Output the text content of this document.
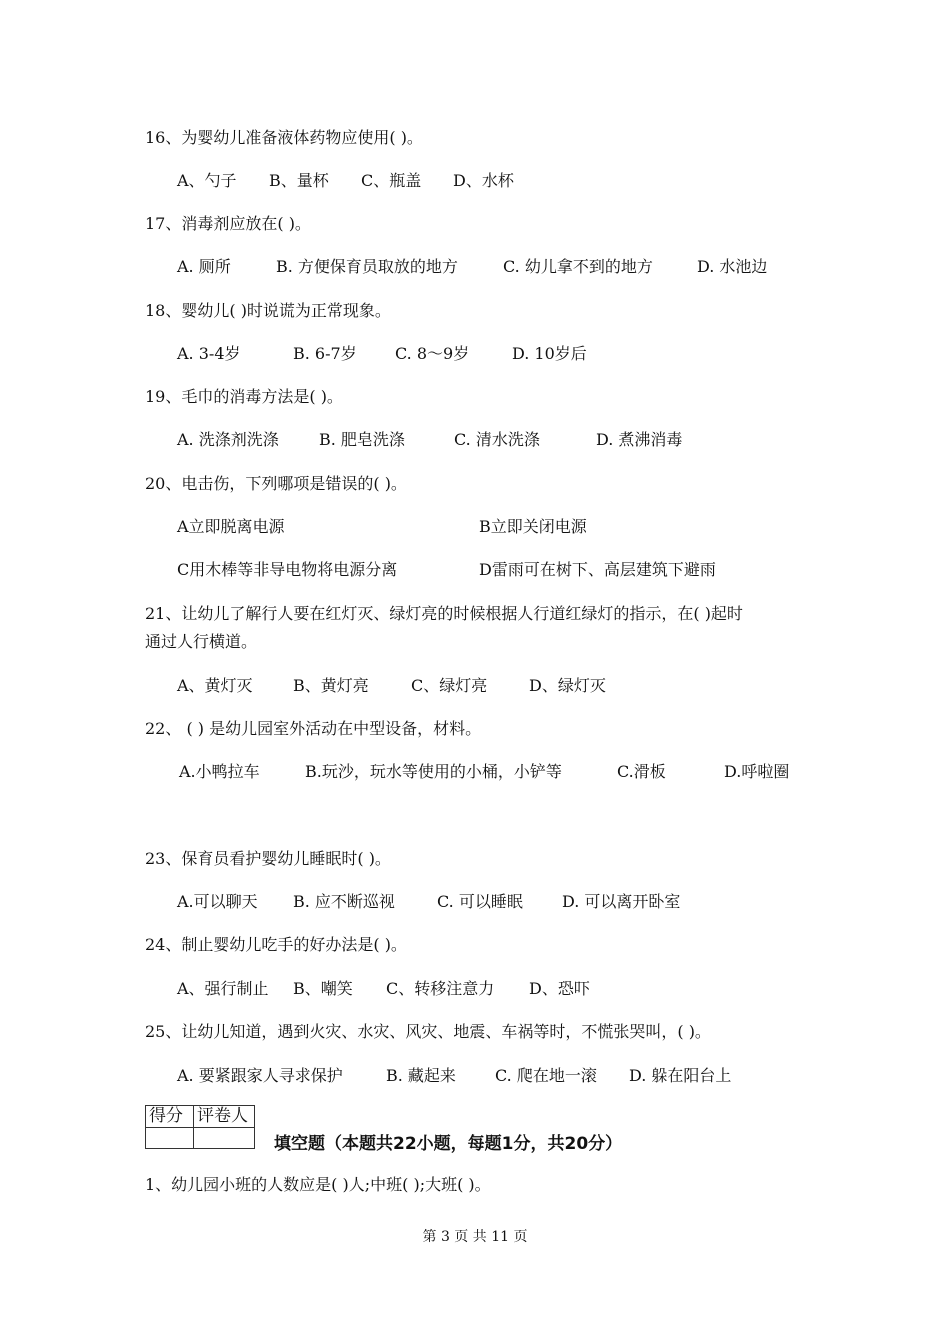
16、为婴幼儿准备液体药物应使用( )。
A、勺子 B、量杯 C、瓶盖 D、水杯
17、消毒剂应放在( )。
A. 厕所	B. 方便保育员取放的地方	C. 幼儿拿不到的地方	D. 水池边
18、婴幼儿( )时说谎为正常现象。
A. 3-4岁	B. 6-7岁 C. 8～9岁	D. 10岁后
19、毛巾的消毒方法是( )。
A. 洗涤剂洗涤	B. 肥皂洗涤	C. 清水洗涤	D. 煮沸消毒
20、电击伤，下列哪项是错误的( )。
A立即脱离电源	B立即关闭电源
C用木棒等非导电物将电源分离	D雷雨可在树下、高层建筑下避雨
21、让幼儿了解行人要在红灯灭、绿灯亮的时候根据人行道红绿灯的指示，在( )起时
通过人行横道。
A、黄灯灭	B、黄灯亮	C、绿灯亮	D、绿灯灭
22、 ( ) 是幼儿园室外活动在中型设备，材料。
A.小鸭拉车	B.玩沙，玩水等使用的小桶，小铲等	C.滑板	D.呼啦圈
23、保育员看护婴幼儿睡眠时( )。
A.可以聊天 B. 应不断巡视	C. 可以睡眠 D. 可以离开卧室
24、制止婴幼儿吃手的好办法是( )。
A、强行制止 B、嘲笑 C、转移注意力 D、恐吓
25、让幼儿知道，遇到火灾、水灾、风灾、地震、车祸等时，不慌张哭叫，( )。
A. 要紧跟家人寻求保护	B. 藏起来 C. 爬在地一滚 D. 躲在阳台上
得分 评卷人
填空题（本题共22小题，每题1分，共20分）
1、幼儿园小班的人数应是( )人;中班( );大班( )。
第 3 页 共 11 页
